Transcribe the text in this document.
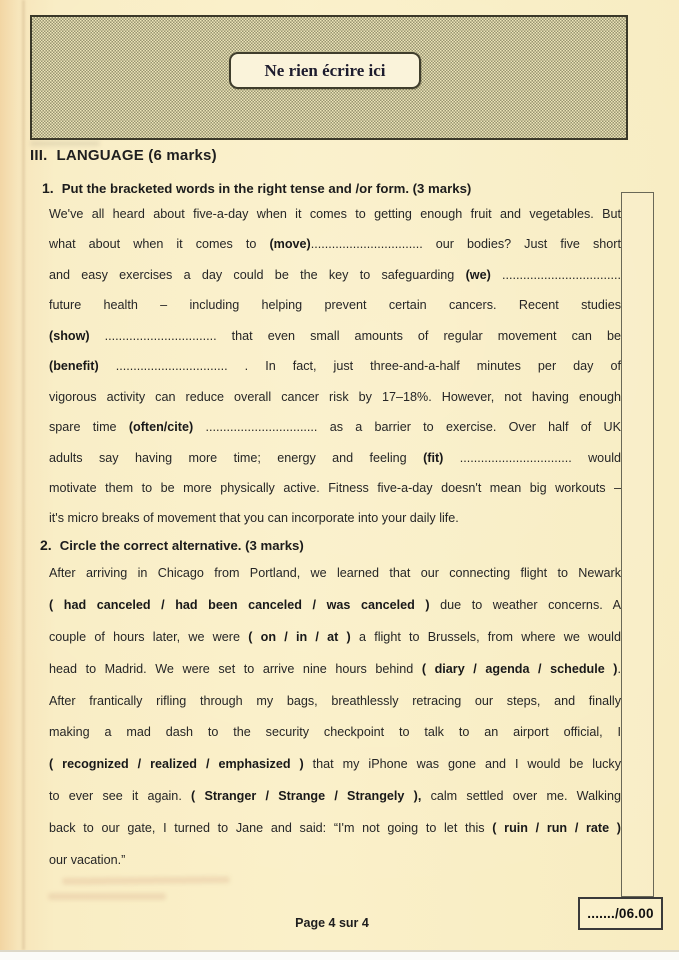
Ne rien écrire ici
III. LANGUAGE (6 marks)
1. Put the bracketed words in the right tense and /or form. (3 marks)
We've all heard about five-a-day when it comes to getting enough fruit and vegetables. But
what about when it comes to (move)................................ our bodies? Just five short
and easy exercises a day could be the key to safeguarding (we) ..................................
future health – including helping prevent certain cancers. Recent studies
(show) ................................ that even small amounts of regular movement can be
(benefit) ................................ . In fact, just three-and-a-half minutes per day of
vigorous activity can reduce overall cancer risk by 17–18%. However, not having enough
spare time (often/cite) ................................ as a barrier to exercise. Over half of UK
adults say having more time; energy and feeling (fit) ................................ would
motivate them to be more physically active. Fitness five-a-day doesn't mean big workouts –
it's micro breaks of movement that you can incorporate into your daily life.
2. Circle the correct alternative. (3 marks)
After arriving in Chicago from Portland, we learned that our connecting flight to Newark
( had canceled / had been canceled / was canceled ) due to weather concerns. A
couple of hours later, we were ( on / in / at ) a flight to Brussels, from where we would
head to Madrid. We were set to arrive nine hours behind ( diary / agenda / schedule ).
After frantically rifling through my bags, breathlessly retracing our steps, and finally
making a mad dash to the security checkpoint to talk to an airport official, I
( recognized / realized / emphasized ) that my iPhone was gone and I would be lucky
to ever see it again. ( Stranger / Strange / Strangely ), calm settled over me. Walking
back to our gate, I turned to Jane and said: “I'm not going to let this ( ruin / run / rate )
our vacation.”
......./06.00
Page 4 sur 4
